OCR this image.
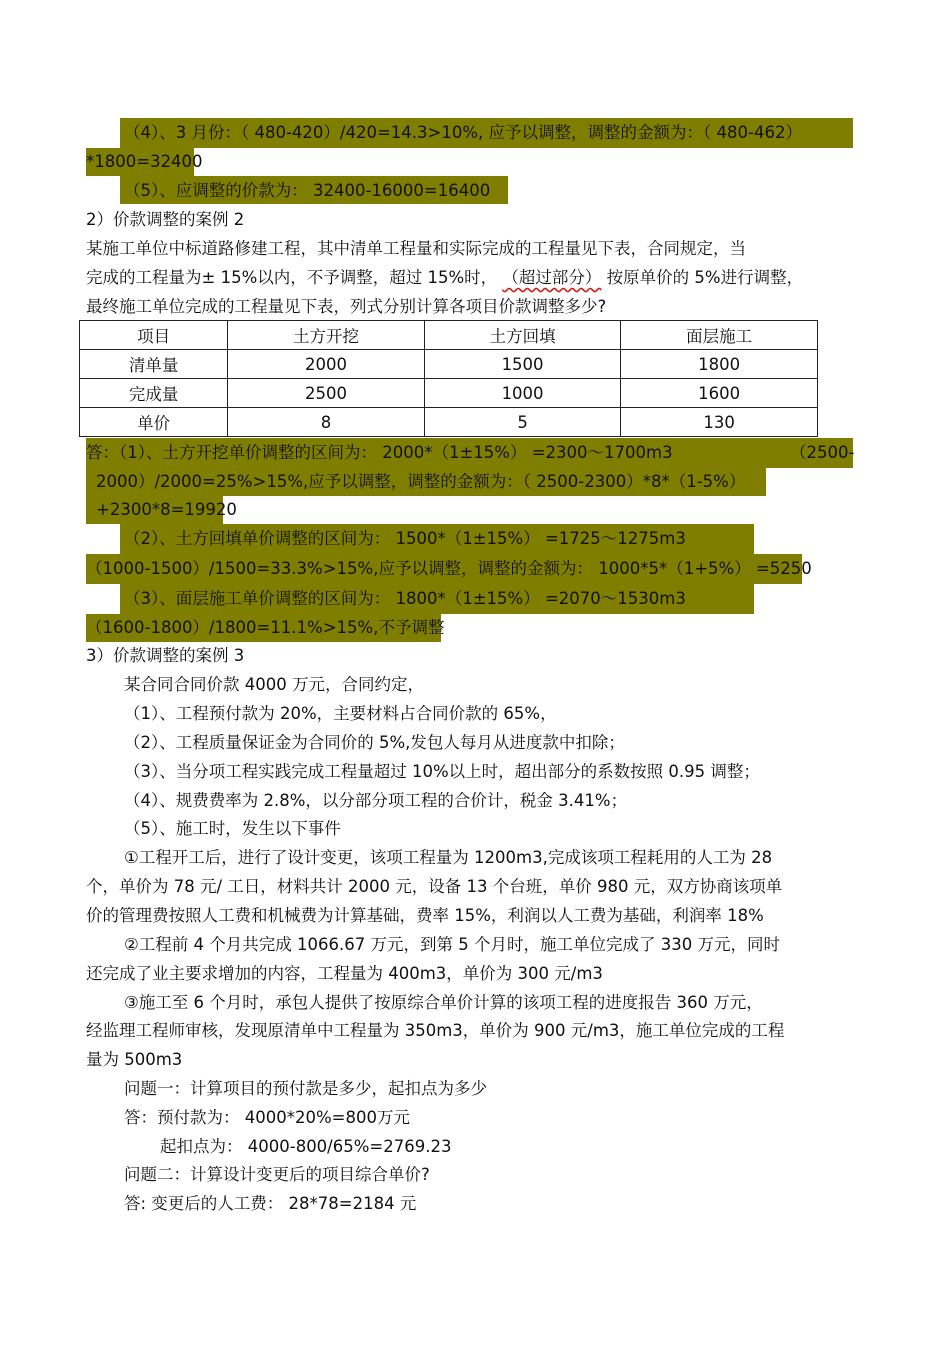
（4）、3 月份：（ 480-420）/420=14.3>10%, 应予以调整，调整的金额为：（ 480-462）
*1800=32400
（5）、应调整的价款为： 32400-16000=16400
2）价款调整的案例 2
某施工单位中标道路修建工程，其中清单工程量和实际完成的工程量见下表，合同规定，当
完成的工程量为± 15%以内，不予调整，超过 15%时， （超过部分） 按原单价的 5%进行调整，
最终施工单位完成的工程量见下表，列式分别计算各项目价款调整多少?
项目	土方开挖	土方回填	面层施工
清单量	2000	1500	1800
完成量	2500	1000	1600
单价	8	5	130
答：（1）、土方开挖单价调整的区间为： 2000*（1±15%） =2300～1700m3	（2500-
2000）/2000=25%>15%,应予以调整，调整的金额为：（ 2500-2300）*8*（1-5%）
+2300*8=19920
（2）、土方回填单价调整的区间为： 1500*（1±15%） =1725～1275m3
（1000-1500）/1500=33.3%>15%,应予以调整，调整的金额为： 1000*5*（1+5%） =5250
（3）、面层施工单价调整的区间为： 1800*（1±15%） =2070～1530m3
（1600-1800）/1800=11.1%>15%,不予调整
3）价款调整的案例 3
某合同合同价款 4000 万元，合同约定，
（1）、工程预付款为 20%，主要材料占合同价款的 65%，
（2）、工程质量保证金为合同价的 5%,发包人每月从进度款中扣除；
（3）、当分项工程实践完成工程量超过 10%以上时，超出部分的系数按照 0.95 调整；
（4）、规费费率为 2.8%，以分部分项工程的合价计，税金 3.41%；
（5）、施工时，发生以下事件
①工程开工后，进行了设计变更，该项工程量为 1200m3,完成该项工程耗用的人工为 28
个，单价为 78 元/ 工日，材料共计 2000 元，设备 13 个台班，单价 980 元，双方协商该项单
价的管理费按照人工费和机械费为计算基础，费率 15%，利润以人工费为基础，利润率 18%
②工程前 4 个月共完成 1066.67 万元，到第 5 个月时，施工单位完成了 330 万元，同时
还完成了业主要求增加的内容，工程量为 400m3，单价为 300 元/m3
③施工至 6 个月时，承包人提供了按原综合单价计算的该项工程的进度报告 360 万元，
经监理工程师审核，发现原清单中工程量为 350m3，单价为 900 元/m3，施工单位完成的工程
量为 500m3
问题一：计算项目的预付款是多少，起扣点为多少
答：预付款为： 4000*20%=800万元
起扣点为： 4000-800/65%=2769.23
问题二：计算设计变更后的项目综合单价?
答: 变更后的人工费： 28*78=2184 元
